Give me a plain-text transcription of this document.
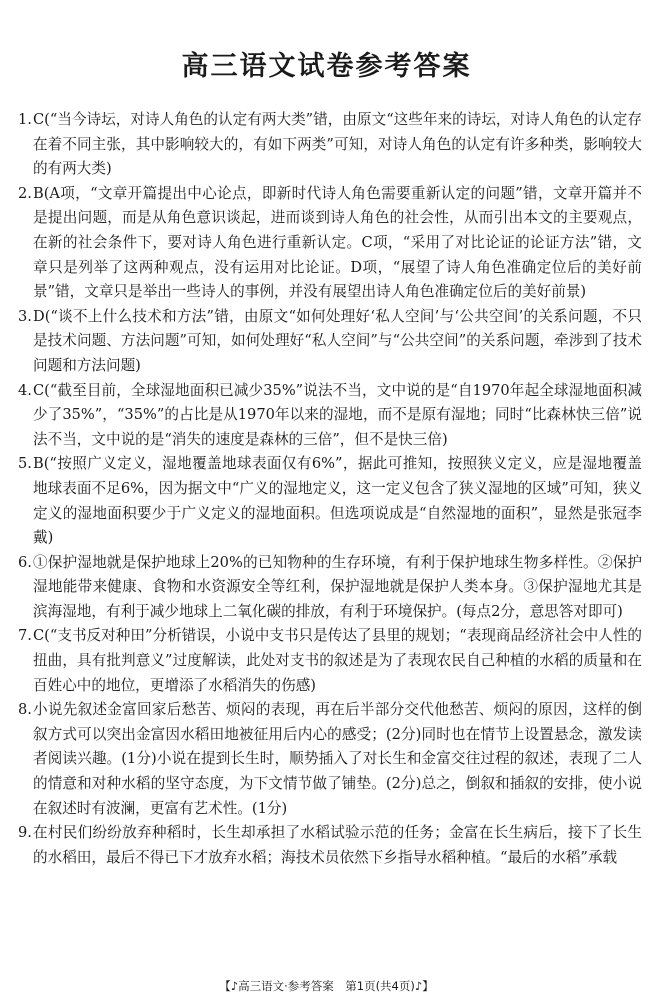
高三语文试卷参考答案
1. C(“当今诗坛，对诗人角色的认定有两大类”错，由原文“这些年来的诗坛，对诗人角色的认定存在着不同主张，其中影响较大的，有如下两类”可知，对诗人角色的认定有许多种类，影响较大的有两大类)
2. B(A项，“文章开篇提出中心论点，即新时代诗人角色需要重新认定的问题”错，文章开篇并不是提出问题，而是从角色意识谈起，进而谈到诗人角色的社会性，从而引出本文的主要观点，在新的社会条件下，要对诗人角色进行重新认定。C项，“采用了对比论证的论证方法”错，文章只是列举了这两种观点，没有运用对比论证。D项，“展望了诗人角色准确定位后的美好前景”错，文章只是举出一些诗人的事例，并没有展望出诗人角色准确定位后的美好前景)
3. D(“谈不上什么技术和方法”错，由原文“如何处理好‘私人空间’与‘公共空间’的关系问题，不只是技术问题、方法问题”可知，如何处理好“私人空间”与“公共空间”的关系问题，牵涉到了技术问题和方法问题)
4. C(“截至目前，全球湿地面积已减少35%”说法不当，文中说的是“自1970年起全球湿地面积减少了35%”，“35%”的占比是从1970年以来的湿地，而不是原有湿地；同时“比森林快三倍”说法不当，文中说的是“消失的速度是森林的三倍”，但不是快三倍)
5. B(“按照广义定义，湿地覆盖地球表面仅有6%”，据此可推知，按照狭义定义，应是湿地覆盖地球表面不足6%，因为据文中“广义的湿地定义，这一定义包含了狭义湿地的区域”可知，狭义定义的湿地面积要少于广义定义的湿地面积。但选项说成是“自然湿地的面积”，显然是张冠李戴)
6. ①保护湿地就是保护地球上20%的已知物种的生存环境，有利于保护地球生物多样性。②保护湿地能带来健康、食物和水资源安全等红利，保护湿地就是保护人类本身。③保护湿地尤其是滨海湿地，有利于减少地球上二氧化碳的排放，有利于环境保护。(每点2分，意思答对即可)
7. C(“支书反对种田”分析错误，小说中支书只是传达了县里的规划；“表现商品经济社会中人性的扭曲，具有批判意义”过度解读，此处对支书的叙述是为了表现农民自己种植的水稻的质量和在百姓心中的地位，更增添了水稻消失的伤感)
8. 小说先叙述金富回家后愁苦、烦闷的表现，再在后半部分交代他愁苦、烦闷的原因，这样的倒叙方式可以突出金富因水稻田地被征用后内心的感受；(2分)同时也在情节上设置悬念，激发读者阅读兴趣。(1分)小说在提到长生时，顺势插入了对长生和金富交往过程的叙述，表现了二人的情意和对种水稻的坚守态度，为下文情节做了铺垫。(2分)总之，倒叙和插叙的安排，使小说在叙述时有波澜，更富有艺术性。(1分)
9. 在村民们纷纷放弃种稻时，长生却承担了水稻试验示范的任务；金富在长生病后，接下了长生的水稻田，最后不得已下才放弃水稻；海技术员依然下乡指导水稻种植。“最后的水稻”承载
【♪高三语文·参考答案　第1页(共4页)♪】
